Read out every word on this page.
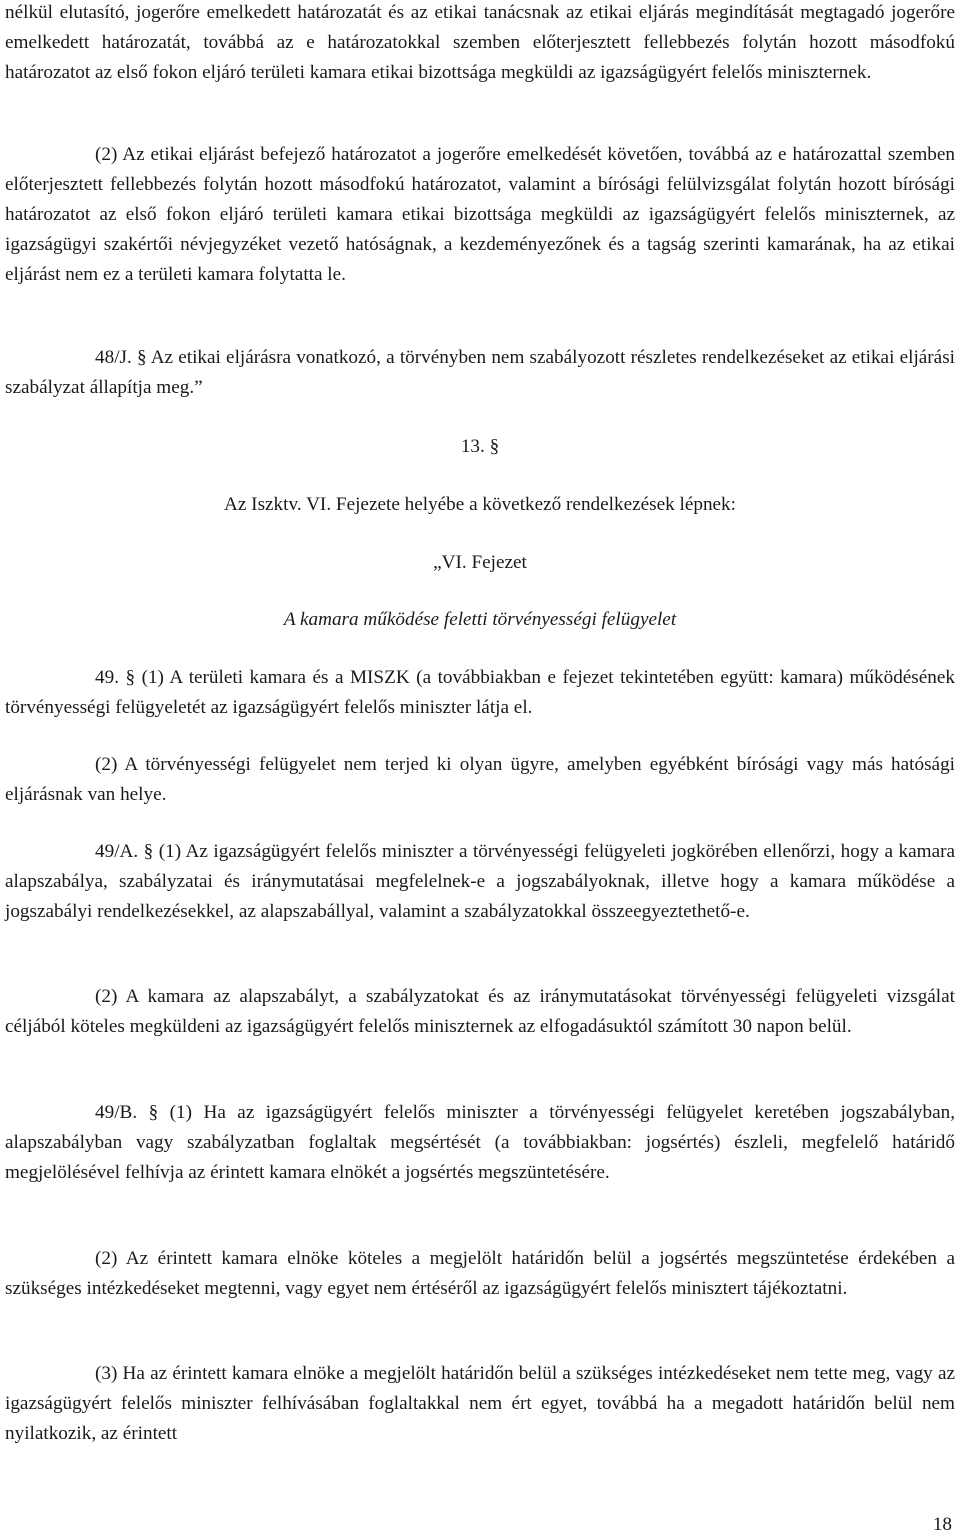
nélkül elutasító, jogerőre emelkedett határozatát és az etikai tanácsnak az etikai eljárás megindítását megtagadó jogerőre emelkedett határozatát, továbbá az e határozatokkal szemben előterjesztett fellebbezés folytán hozott másodfokú határozatot az első fokon eljáró területi kamara etikai bizottsága megküldi az igazságügyért felelős miniszternek.

(2) Az etikai eljárást befejező határozatot a jogerőre emelkedését követően, továbbá az e határozattal szemben előterjesztett fellebbezés folytán hozott másodfokú határozatot, valamint a bírósági felülvizsgálat folytán hozott bírósági határozatot az első fokon eljáró területi kamara etikai bizottsága megküldi az igazságügyért felelős miniszternek, az igazságügyi szakértői névjegyzéket vezető hatóságnak, a kezdeményezőnek és a tagság szerinti kamarának, ha az etikai eljárást nem ez a területi kamara folytatta le.

48/J. § Az etikai eljárásra vonatkozó, a törvényben nem szabályozott részletes rendelkezéseket az etikai eljárási szabályzat állapítja meg.”

13. §
Az Iszktv. VI. Fejezete helyébe a következő rendelkezések lépnek:
„VI. Fejezet
A kamara működése feletti törvényességi felügyelet

49. § (1) A területi kamara és a MISZK (a továbbiakban e fejezet tekintetében együtt: kamara) működésének törvényességi felügyeletét az igazságügyért felelős miniszter látja el.

(2) A törvényességi felügyelet nem terjed ki olyan ügyre, amelyben egyébként bírósági vagy más hatósági eljárásnak van helye.

49/A. § (1) Az igazságügyért felelős miniszter a törvényességi felügyeleti jogkörében ellenőrzi, hogy a kamara alapszabálya, szabályzatai és iránymutatásai megfelelnek-e a jogszabályoknak, illetve hogy a kamara működése a jogszabályi rendelkezésekkel, az alapszabállyal, valamint a szabályzatokkal összeegyeztethető-e.

(2) A kamara az alapszabályt, a szabályzatokat és az iránymutatásokat törvényességi felügyeleti vizsgálat céljából köteles megküldeni az igazságügyért felelős miniszternek az elfogadásuktól számított 30 napon belül.

49/B. § (1) Ha az igazságügyért felelős miniszter a törvényességi felügyelet keretében jogszabályban, alapszabályban vagy szabályzatban foglaltak megsértését (a továbbiakban: jogsértés) észleli, megfelelő határidő megjelölésével felhívja az érintett kamara elnökét a jogsértés megszüntetésére.

(2) Az érintett kamara elnöke köteles a megjelölt határidőn belül a jogsértés megszüntetése érdekében a szükséges intézkedéseket megtenni, vagy egyet nem értéséről az igazságügyért felelős minisztert tájékoztatni.

(3) Ha az érintett kamara elnöke a megjelölt határidőn belül a szükséges intézkedéseket nem tette meg, vagy az igazságügyért felelős miniszter felhívásában foglaltakkal nem ért egyet, továbbá ha a megadott határidőn belül nem nyilatkozik, az érintett

18
